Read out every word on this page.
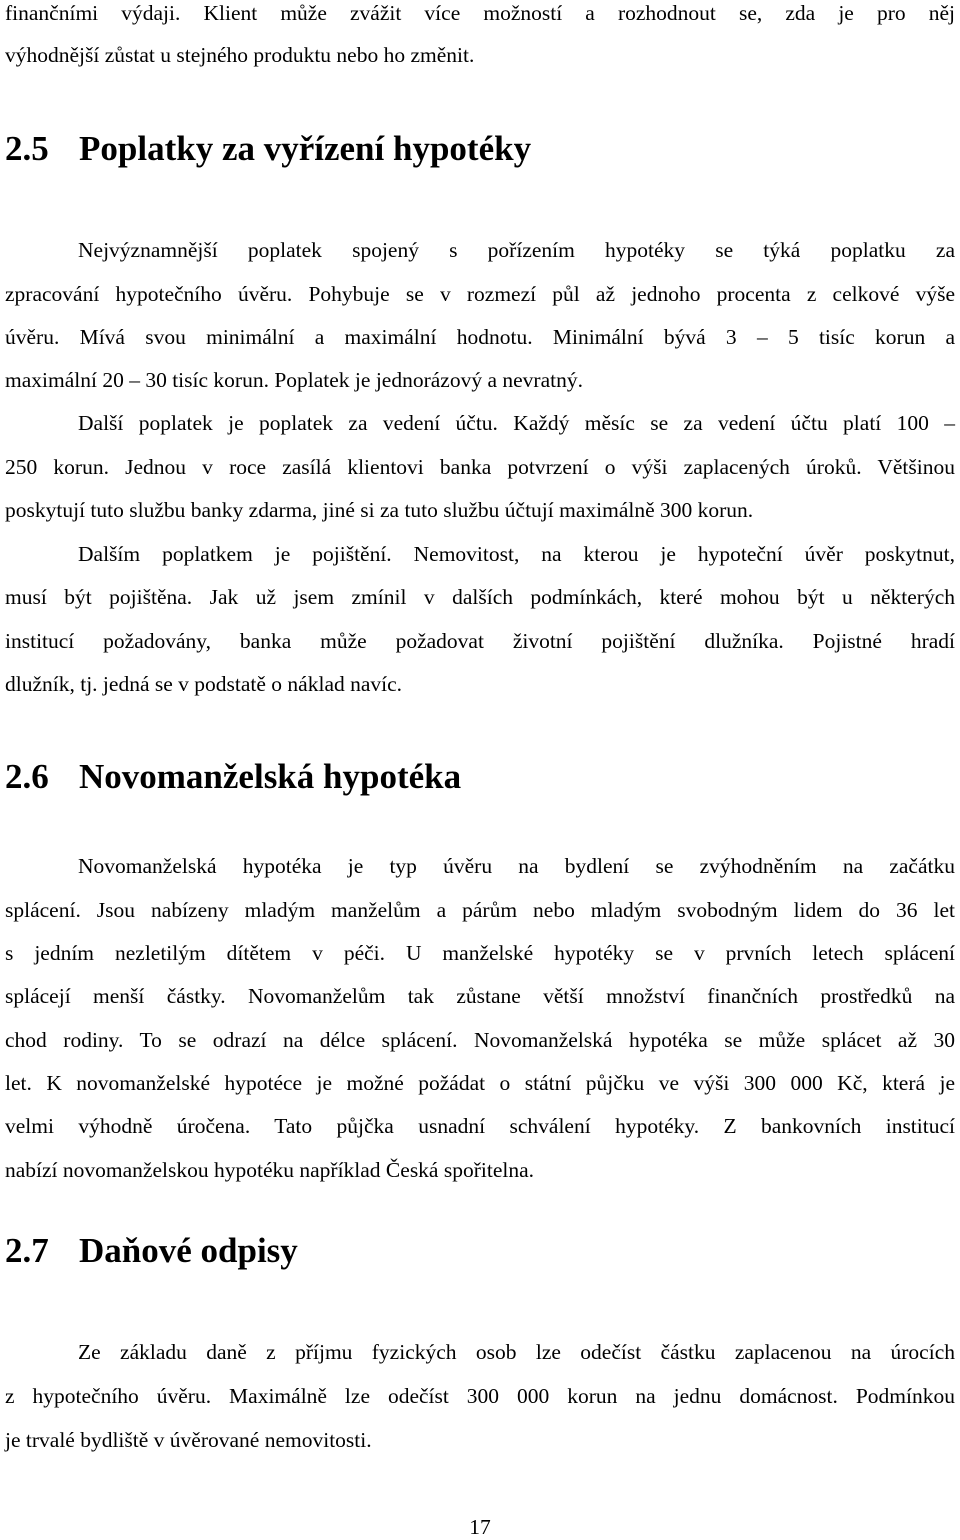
finančními výdaji. Klient může zvážit více možností a rozhodnout se, zda je pro něj

výhodnější zůstat u stejného produktu nebo ho změnit.

2.5 Poplatky za vyřízení hypotéky

Nejvýznamnější poplatek spojený s pořízením hypotéky se týká poplatku za

zpracování hypotečního úvěru. Pohybuje se v rozmezí půl až jednoho procenta z celkové výše

úvěru. Mívá svou minimální a maximální hodnotu. Minimální bývá 3 – 5 tisíc korun a

maximální 20 – 30 tisíc korun. Poplatek je jednorázový a nevratný.

Další poplatek je poplatek za vedení účtu. Každý měsíc se za vedení účtu platí 100 –

250 korun. Jednou v roce zasílá klientovi banka potvrzení o výši zaplacených úroků. Většinou

poskytují tuto službu banky zdarma, jiné si za tuto službu účtují maximálně 300 korun.

Dalším poplatkem je pojištění. Nemovitost, na kterou je hypoteční úvěr poskytnut,

musí být pojištěna. Jak už jsem zmínil v dalších podmínkách, které mohou být u některých

institucí požadovány, banka může požadovat životní pojištění dlužníka. Pojistné hradí

dlužník, tj. jedná se v podstatě o náklad navíc.

2.6 Novomanželská hypotéka

Novomanželská hypotéka je typ úvěru na bydlení se zvýhodněním na začátku

splácení. Jsou nabízeny mladým manželům a párům nebo mladým svobodným lidem do 36 let

s jedním nezletilým dítětem v péči. U manželské hypotéky se v prvních letech splácení

splácejí menší částky. Novomanželům tak zůstane větší množství finančních prostředků na

chod rodiny. To se odrazí na délce splácení. Novomanželská hypotéka se může splácet až 30

let. K novomanželské hypotéce je možné požádat o státní půjčku ve výši 300 000 Kč, která je

velmi výhodně úročena. Tato půjčka usnadní schválení hypotéky. Z bankovních institucí

nabízí novomanželskou hypotéku například Česká spořitelna.

2.7 Daňové odpisy

Ze základu daně z příjmu fyzických osob lze odečíst částku zaplacenou na úrocích

z hypotečního úvěru. Maximálně lze odečíst 300 000 korun na jednu domácnost. Podmínkou

je trvalé bydliště v úvěrované nemovitosti.

17
